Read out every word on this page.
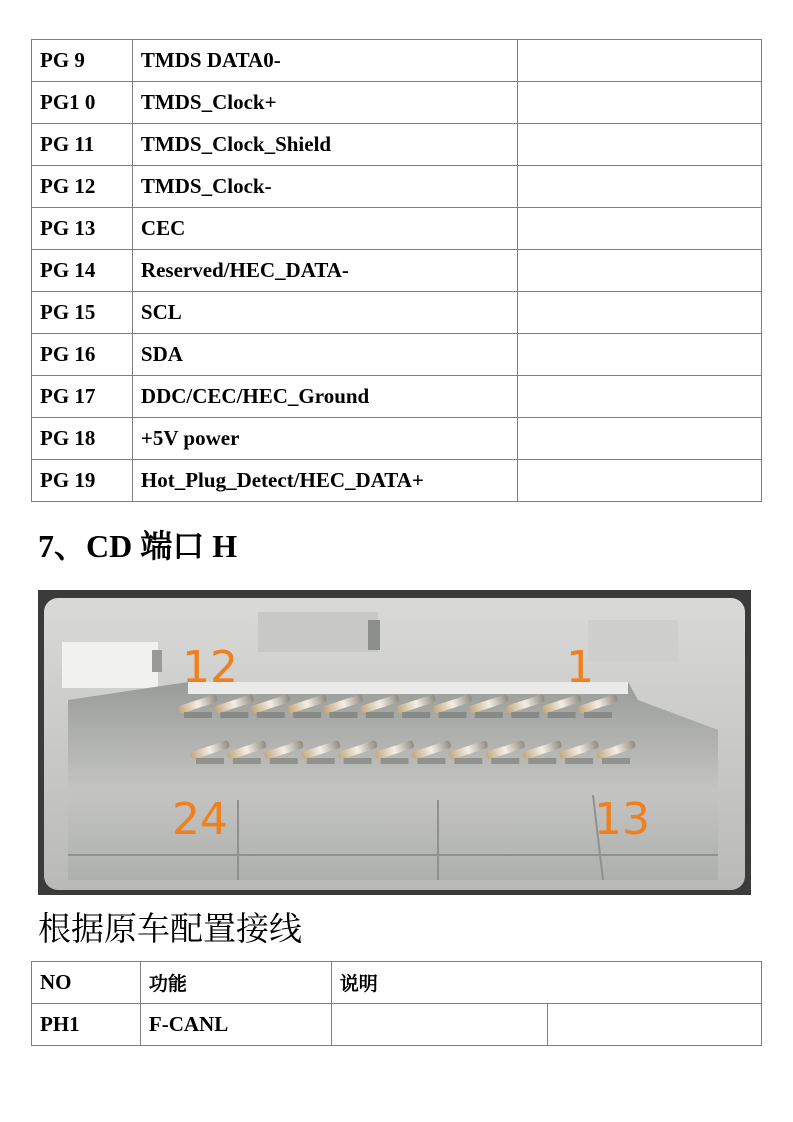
PG 9	TMDS DATA0-	
PG1 0	TMDS_Clock+	
PG 11	TMDS_Clock_Shield	
PG 12	TMDS_Clock-	
PG 13	CEC	
PG 14	Reserved/HEC_DATA-	
PG 15	SCL	
PG 16	SDA	
PG 17	DDC/CEC/HEC_Ground	
PG 18	+5V power	
PG 19	Hot_Plug_Detect/HEC_DATA+	
7、CD 端口 H
12	1
24	13
根据原车配置接线
NO	功能	说明	
PH1	F-CANL		
